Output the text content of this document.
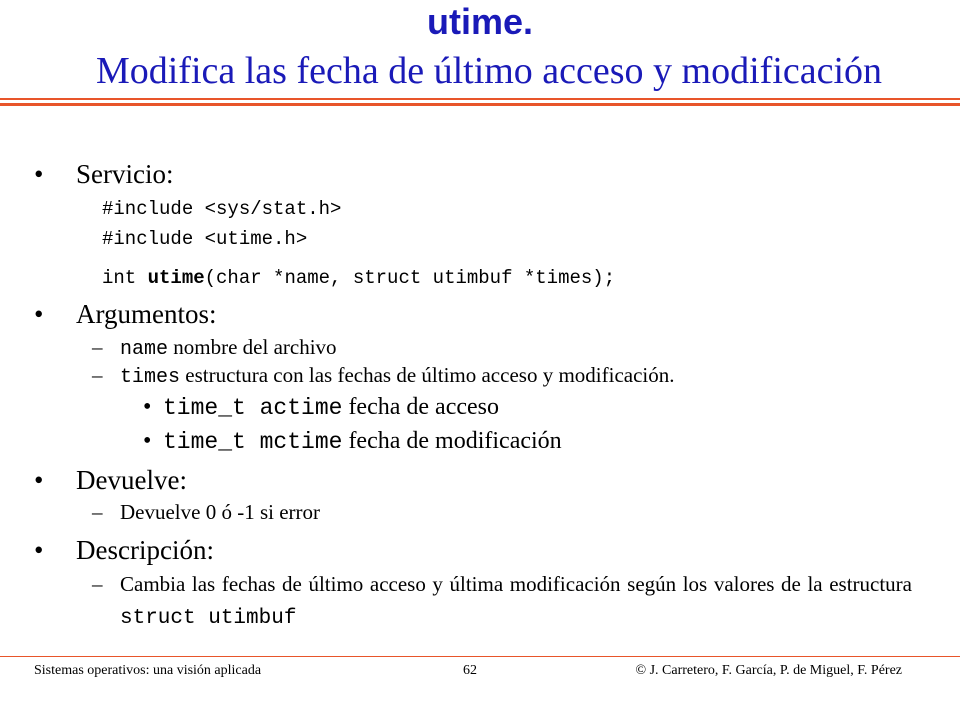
utime.
Modifica las fecha de último acceso y modificación
• Servicio:
#include <sys/stat.h>
#include <utime.h>
int utime(char *name, struct utimbuf *times);
• Argumentos:
– name nombre del archivo
– times estructura con las fechas de último acceso y modificación.
• time_t actime fecha de acceso
• time_t mctime fecha de modificación
• Devuelve:
– Devuelve 0 ó -1 si error
• Descripción:
– Cambia las fechas de último acceso y última modificación según los valores de la estructura struct utimbuf
Sistemas operativos: una visión aplicada	62	© J. Carretero, F. García, P. de Miguel, F. Pérez
